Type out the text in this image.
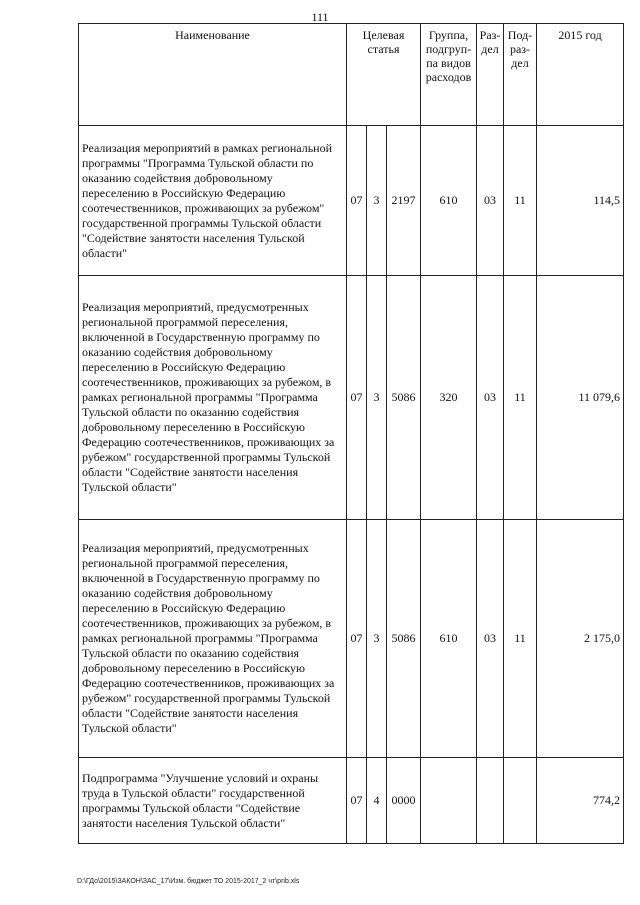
111
Наименование	Целевая статья			Группа, подгруп-па видов расходов	Раз-дел	Под-раз-дел	2015 год
Реализация мероприятий в рамках региональной программы "Программа Тульской области по оказанию содействия добровольному переселению в Российскую Федерацию соотечественников, проживающих за рубежом" государственной программы Тульской области "Содействие занятости населения Тульской области"	07	3	2197	610	03	11	114,5
Реализация мероприятий, предусмотренных региональной программой переселения, включенной в Государственную программу по оказанию содействия добровольному переселению в Российскую Федерацию соотечественников, проживающих за рубежом, в рамках региональной программы "Программа Тульской области по оказанию содействия добровольному переселению в Российскую Федерацию соотечественников, проживающих за рубежом" государственной программы Тульской области "Содействие занятости населения Тульской области"	07	3	5086	320	03	11	11 079,6
Реализация мероприятий, предусмотренных региональной программой переселения, включенной в Государственную программу по оказанию содействия добровольному переселению в Российскую Федерацию соотечественников, проживающих за рубежом, в рамках региональной программы "Программа Тульской области по оказанию содействия добровольному переселению в Российскую Федерацию соотечественников, проживающих за рубежом" государственной программы Тульской области "Содействие занятости населения Тульской области"	07	3	5086	610	03	11	2 175,0
Подпрограмма "Улучшение условий и охраны труда в Тульской области" государственной программы Тульской области "Содействие занятости населения Тульской области"	07	4	0000				774,2
D:\ГДо\2015\ЗАКОН\ЗАС_17\Изм. бюджет ТО 2015-2017_2 чт\prib.xls
